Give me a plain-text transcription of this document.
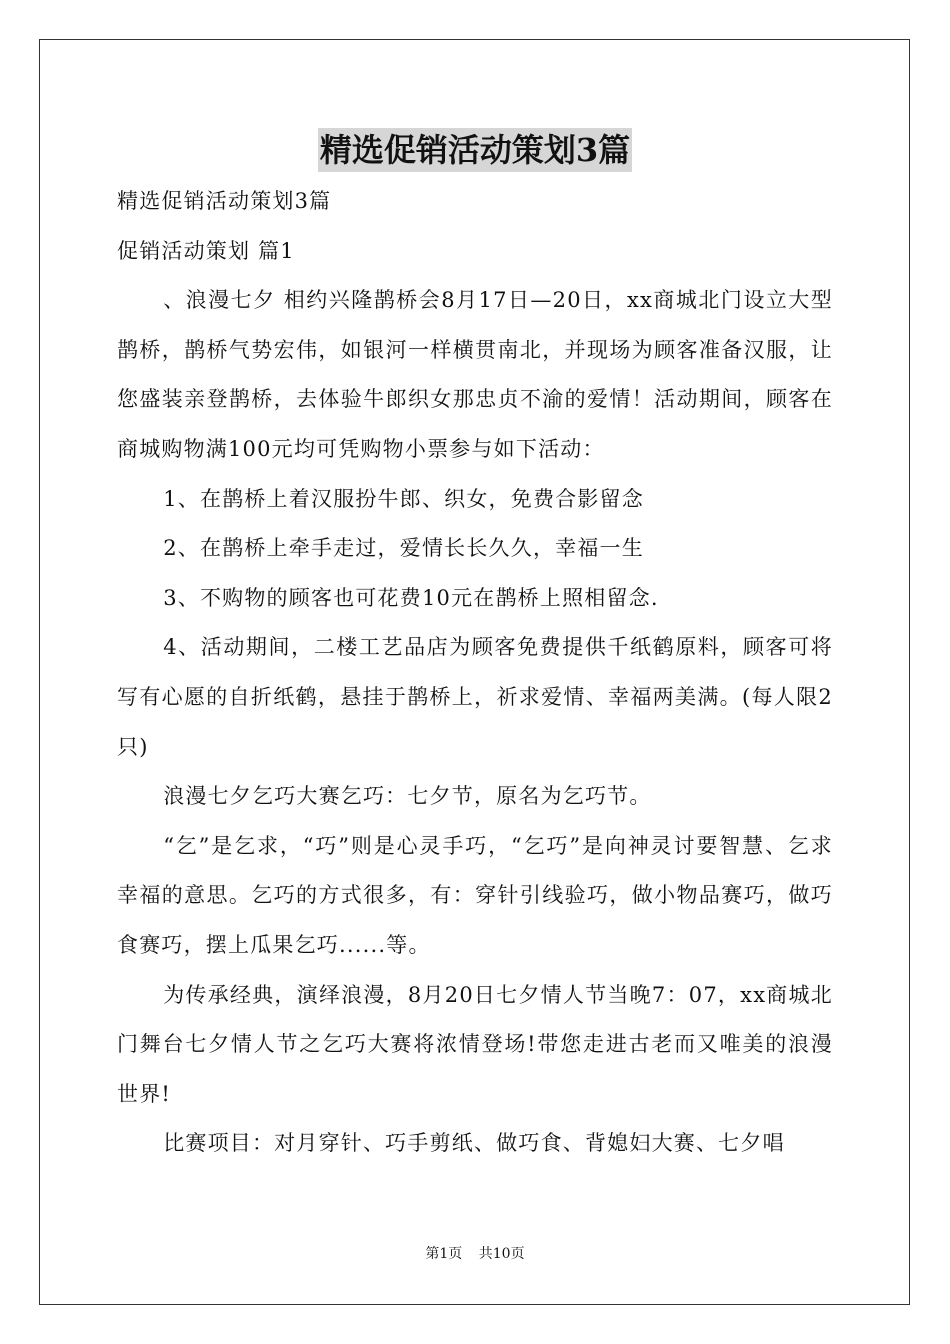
精选促销活动策划3篇

精选促销活动策划3篇

促销活动策划 篇1

、浪漫七夕 相约兴隆鹊桥会8月17日—20日，xx商城北门设立大型鹊桥，鹊桥气势宏伟，如银河一样横贯南北，并现场为顾客准备汉服，让您盛装亲登鹊桥，去体验牛郎织女那忠贞不渝的爱情！活动期间，顾客在商城购物满100元均可凭购物小票参与如下活动：

1、在鹊桥上着汉服扮牛郎、织女，免费合影留念

2、在鹊桥上牵手走过，爱情长长久久，幸福一生

3、不购物的顾客也可花费10元在鹊桥上照相留念.

4、活动期间，二楼工艺品店为顾客免费提供千纸鹤原料，顾客可将写有心愿的自折纸鹤，悬挂于鹊桥上，祈求爱情、幸福两美满。(每人限2只)

浪漫七夕乞巧大赛乞巧：七夕节，原名为乞巧节。

“乞”是乞求，“巧”则是心灵手巧，“乞巧”是向神灵讨要智慧、乞求幸福的意思。乞巧的方式很多，有：穿针引线验巧，做小物品赛巧，做巧食赛巧，摆上瓜果乞巧......等。

为传承经典，演绎浪漫，8月20日七夕情人节当晚7：07，xx商城北门舞台七夕情人节之乞巧大赛将浓情登场!带您走进古老而又唯美的浪漫世界!

比赛项目：对月穿针、巧手剪纸、做巧食、背媳妇大赛、七夕唱

第1页 共10页
